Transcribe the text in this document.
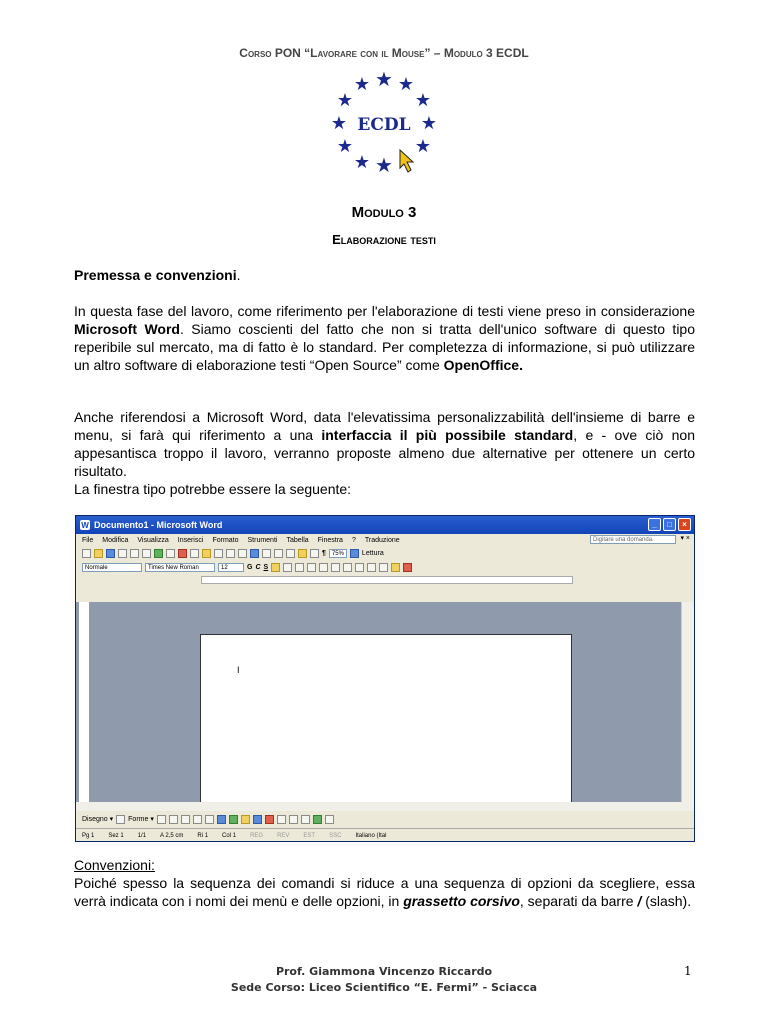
Corso PON “Lavorare con il Mouse” – Modulo 3 ECDL
★
★ ★
★	★
★	★
★	★
★ ★
ECDL
Modulo 3
Elaborazione testi
Premessa e convenzioni.
In questa fase del lavoro, come riferimento per l'elaborazione di testi viene preso in considerazione Microsoft Word. Siamo coscienti del fatto che non si tratta dell'unico software di questo tipo reperibile sul mercato, ma di fatto è lo standard. Per completezza di informazione, si può utilizzare un altro software di elaborazione testi “Open Source” come OpenOffice.
Anche riferendosi a Microsoft Word, data l'elevatissima personalizzabilità dell'insieme di barre e menu, si farà qui riferimento a una interfaccia il più possibile standard, e - ove ciò non appesantisca troppo il lavoro, verranno proposte almeno due alternative per ottenere un certo risultato.
La finestra tipo potrebbe essere la seguente:
W Documento1 - Microsoft Word	_	□	×
File Modifica Visualizza Inserisci Formato Strumenti Tabella Finestra ? Traduzione	Digitare una domanda.	▾ ×
¶	75%	Lettura
Normale	Times New Roman	12	G C S
I
Disegno ▾ Forme ▾
Pg 1 Sez 1 1/1 A 2,5 cm Ri 1 Col 1 REG REV EST SSC Italiano (Ital
Convenzioni:
Poiché spesso la sequenza dei comandi si riduce a una sequenza di opzioni da scegliere, essa verrà indicata con i nomi dei menù e delle opzioni, in grassetto corsivo, separati da barre / (slash).
Prof. Giammona Vincenzo Riccardo
Sede Corso: Liceo Scientifico “E. Fermi” - Sciacca
1
